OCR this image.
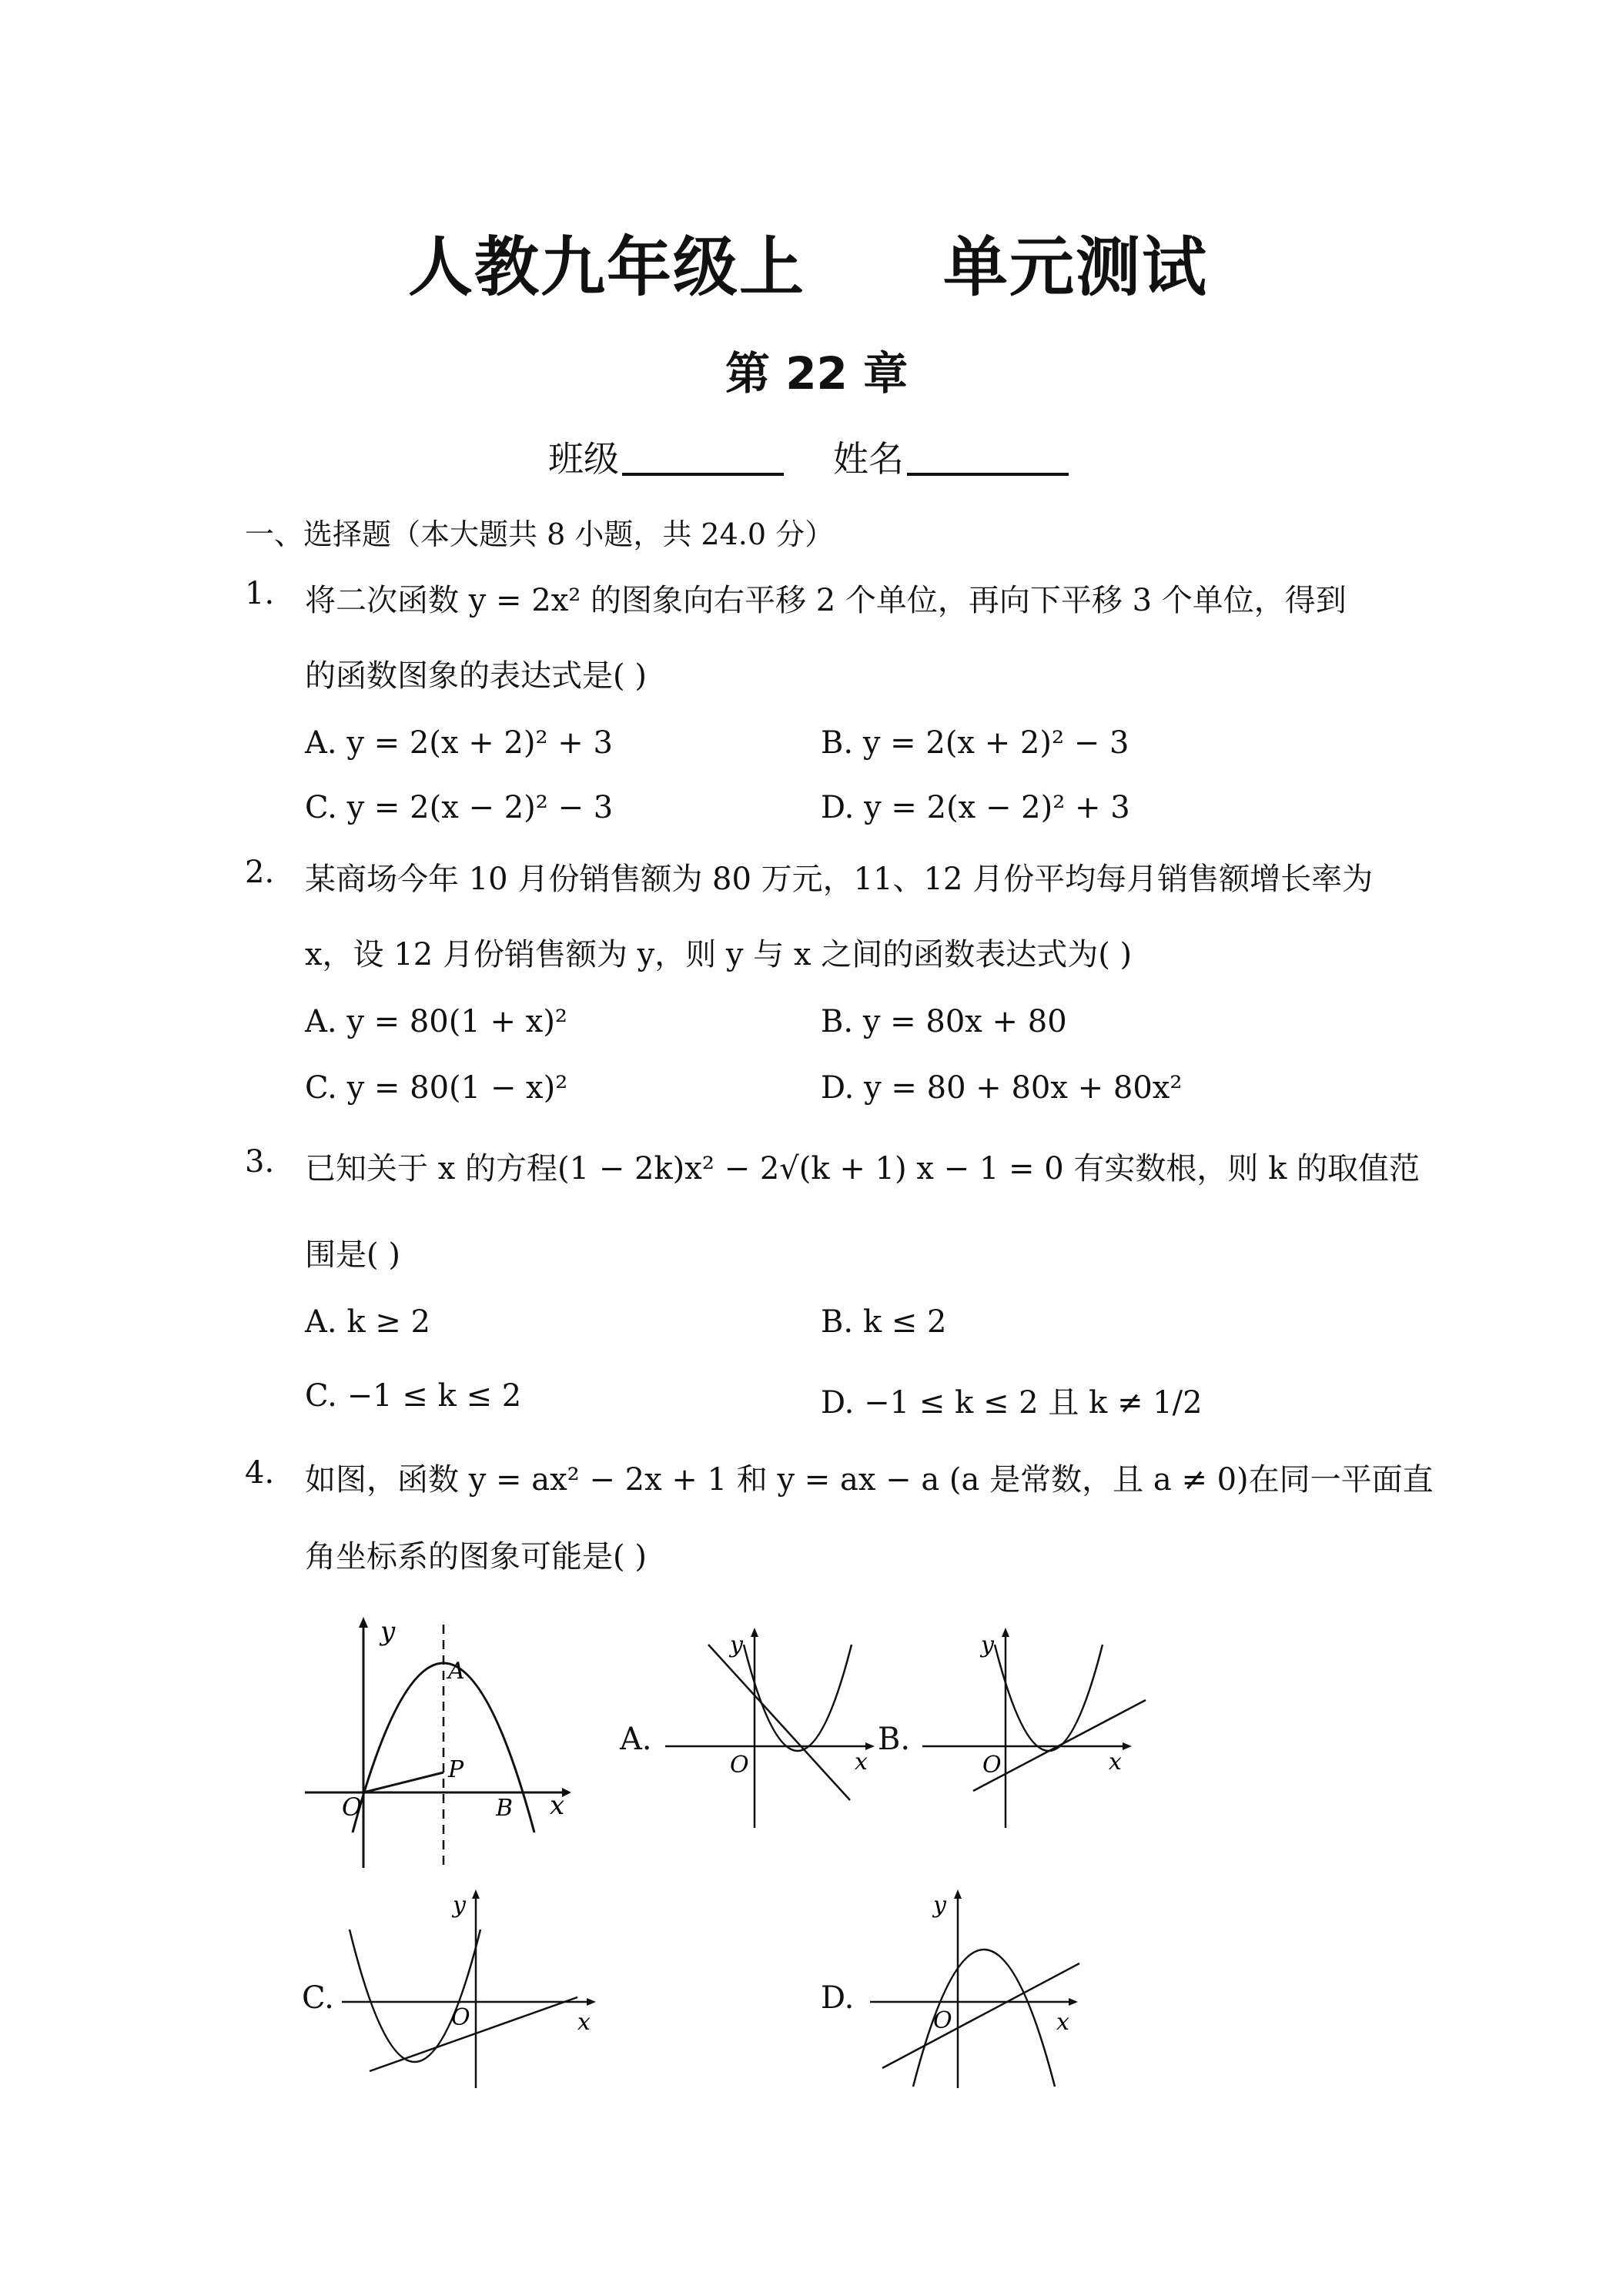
人教九年级上 单元测试
第 22 章
班级	姓名
一、选择题（本大题共 8 小题，共 24.0 分）
1. 将二次函数 y = 2x² 的图象向右平移 2 个单位，再向下平移 3 个单位，得到
的函数图象的表达式是( )
A. y = 2(x + 2)² + 3	B. y = 2(x + 2)² − 3
C. y = 2(x − 2)² − 3	D. y = 2(x − 2)² + 3
2. 某商场今年 10 月份销售额为 80 万元，11、12 月份平均每月销售额增长率为
x，设 12 月份销售额为 y，则 y 与 x 之间的函数表达式为( )
A. y = 80(1 + x)²	B. y = 80x + 80
C. y = 80(1 − x)²	D. y = 80 + 80x + 80x²
3. 已知关于 x 的方程(1 − 2k)x² − 2√(k + 1) x − 1 = 0 有实数根，则 k 的取值范
围是( )
A. k ≥ 2	B. k ≤ 2
C. −1 ≤ k ≤ 2	D. −1 ≤ k ≤ 2 且 k ≠ 1/2
4. 如图，函数 y = ax² − 2x + 1 和 y = ax − a (a 是常数，且 a ≠ 0)在同一平面直
角坐标系的图象可能是( )
A.	B.
C.	D.
y
x
O
A
P
B
y
x
O
y
x
O
y
x
O
y
x
O
